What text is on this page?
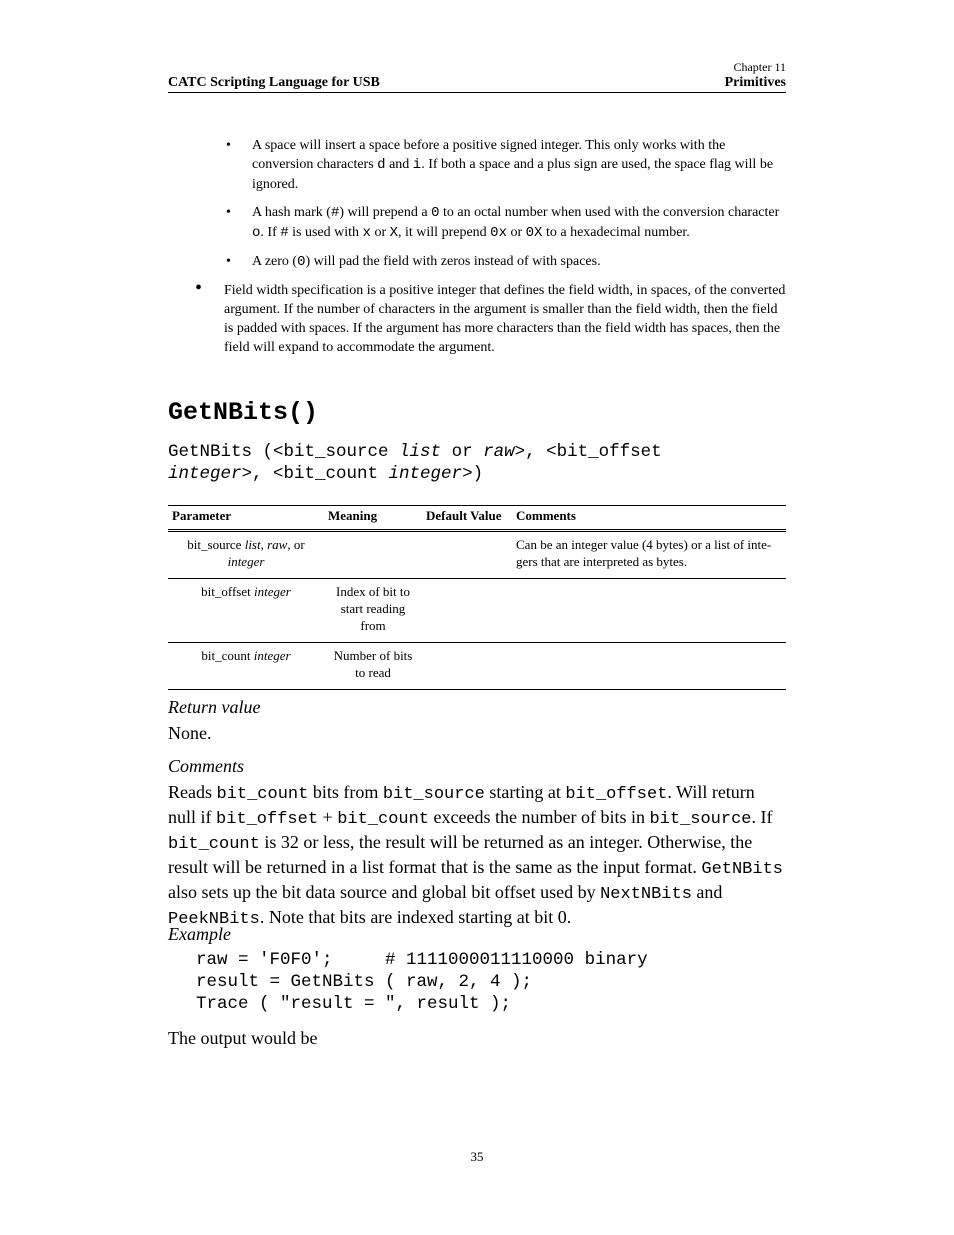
Chapter 11
CATC Scripting Language for USB	Primitives
• A space will insert a space before a positive signed integer. This only works with the conversion characters d and i. If both a space and a plus sign are used, the space flag will be ignored.
• A hash mark (#) will prepend a 0 to an octal number when used with the conversion character o. If # is used with x or X, it will prepend 0x or 0X to a hexadecimal number.
• A zero (0) will pad the field with zeros instead of with spaces.
• Field width specification is a positive integer that defines the field width, in spaces, of the converted argument. If the number of characters in the argument is smaller than the field width, then the field is padded with spaces. If the argument has more characters than the field width has spaces, then the field will expand to accommodate the argument.
GetNBits()
GetNBits (<bit_source list or raw>, <bit_offset
integer>, <bit_count integer>)
Parameter	Meaning	Default Value	Comments
bit_source list, raw, or
integer			Can be an integer value (4 bytes) or a list of inte-gers that are interpreted as bytes.
bit_offset integer	Index of bit to start reading from		
bit_count integer	Number of bits to read		
Return value
None.
Comments
Reads bit_count bits from bit_source starting at bit_offset. Will return null if bit_offset + bit_count exceeds the number of bits in bit_source. If bit_count is 32 or less, the result will be returned as an integer. Otherwise, the result will be returned in a list format that is the same as the input format. GetNBits also sets up the bit data source and global bit offset used by NextNBits and PeekNBits. Note that bits are indexed starting at bit 0.
Example
raw = 'F0F0';     # 1111000011110000 binary
result = GetNBits ( raw, 2, 4 );
Trace ( "result = ", result );
The output would be
35
